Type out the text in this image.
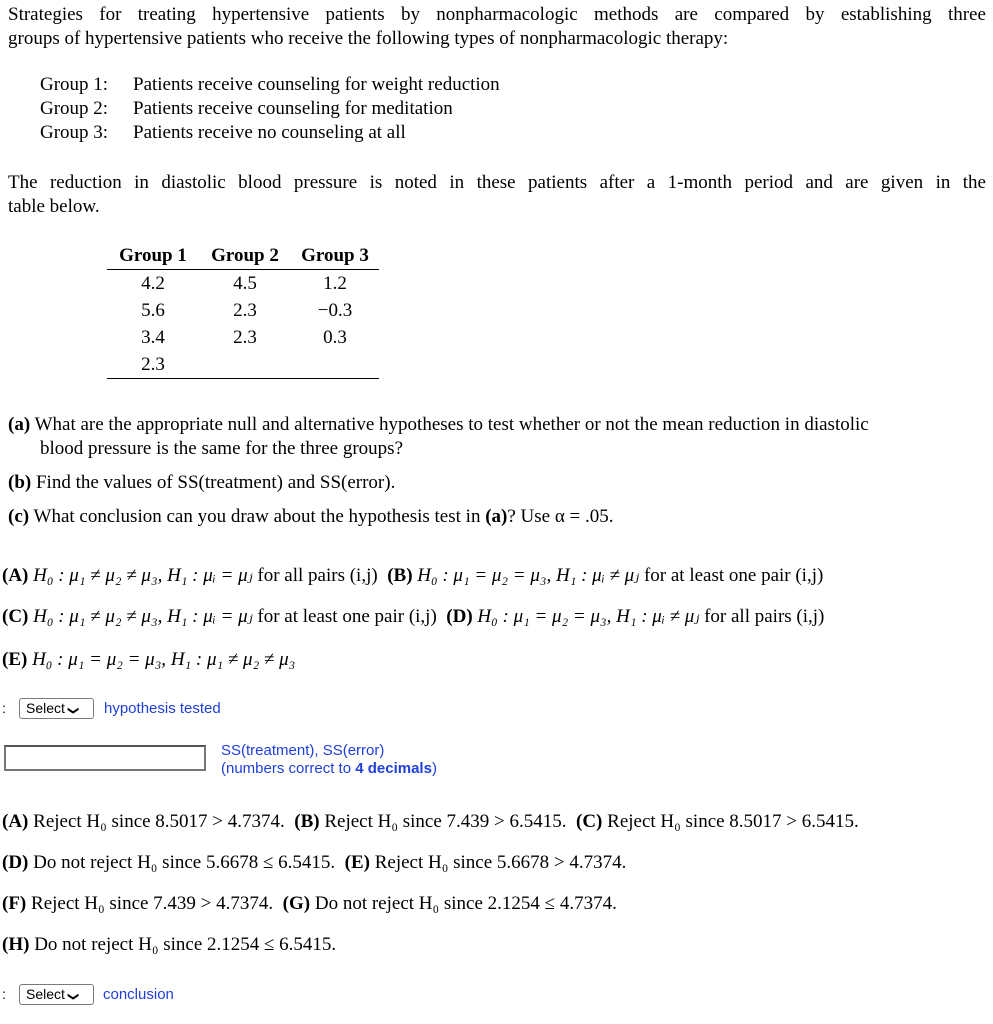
Strategies for treating hypertensive patients by nonpharmacologic methods are compared by establishing three
groups of hypertensive patients who receive the following types of nonpharmacologic therapy:
Group 1: Patients receive counseling for weight reduction
Group 2: Patients receive counseling for meditation
Group 3: Patients receive no counseling at all
The reduction in diastolic blood pressure is noted in these patients after a 1-month period and are given in the
table below.
Group 1	Group 2	Group 3
4.2	4.5	1.2
5.6	2.3	−0.3
3.4	2.3	0.3
2.3		
(a) What are the appropriate null and alternative hypotheses to test whether or not the mean reduction in diastolic
blood pressure is the same for the three groups?
(b) Find the values of SS(treatment) and SS(error).
(c) What conclusion can you draw about the hypothesis test in (a)? Use α = .05.
(A) H₀ : μ₁ ≠ μ₂ ≠ μ₃, H₁ : μᵢ = μⱼ for all pairs (i,j) (B) H₀ : μ₁ = μ₂ = μ₃, H₁ : μᵢ ≠ μⱼ for at least one pair (i,j)
(C) H₀ : μ₁ ≠ μ₂ ≠ μ₃, H₁ : μᵢ = μⱼ for at least one pair (i,j) (D) H₀ : μ₁ = μ₂ = μ₃, H₁ : μᵢ ≠ μⱼ for all pairs (i,j)
(E) H₀ : μ₁ = μ₂ = μ₃, H₁ : μ₁ ≠ μ₂ ≠ μ₃
:	Select ❮	hypothesis tested
SS(treatment), SS(error)
(numbers correct to 4 decimals)
(A) Reject H₀ since 8.5017 > 4.7374. (B) Reject H₀ since 7.439 > 6.5415. (C) Reject H₀ since 8.5017 > 6.5415.
(D) Do not reject H₀ since 5.6678 ≤ 6.5415. (E) Reject H₀ since 5.6678 > 4.7374.
(F) Reject H₀ since 7.439 > 4.7374. (G) Do not reject H₀ since 2.1254 ≤ 4.7374.
(H) Do not reject H₀ since 2.1254 ≤ 6.5415.
:	Select ❮	conclusion
